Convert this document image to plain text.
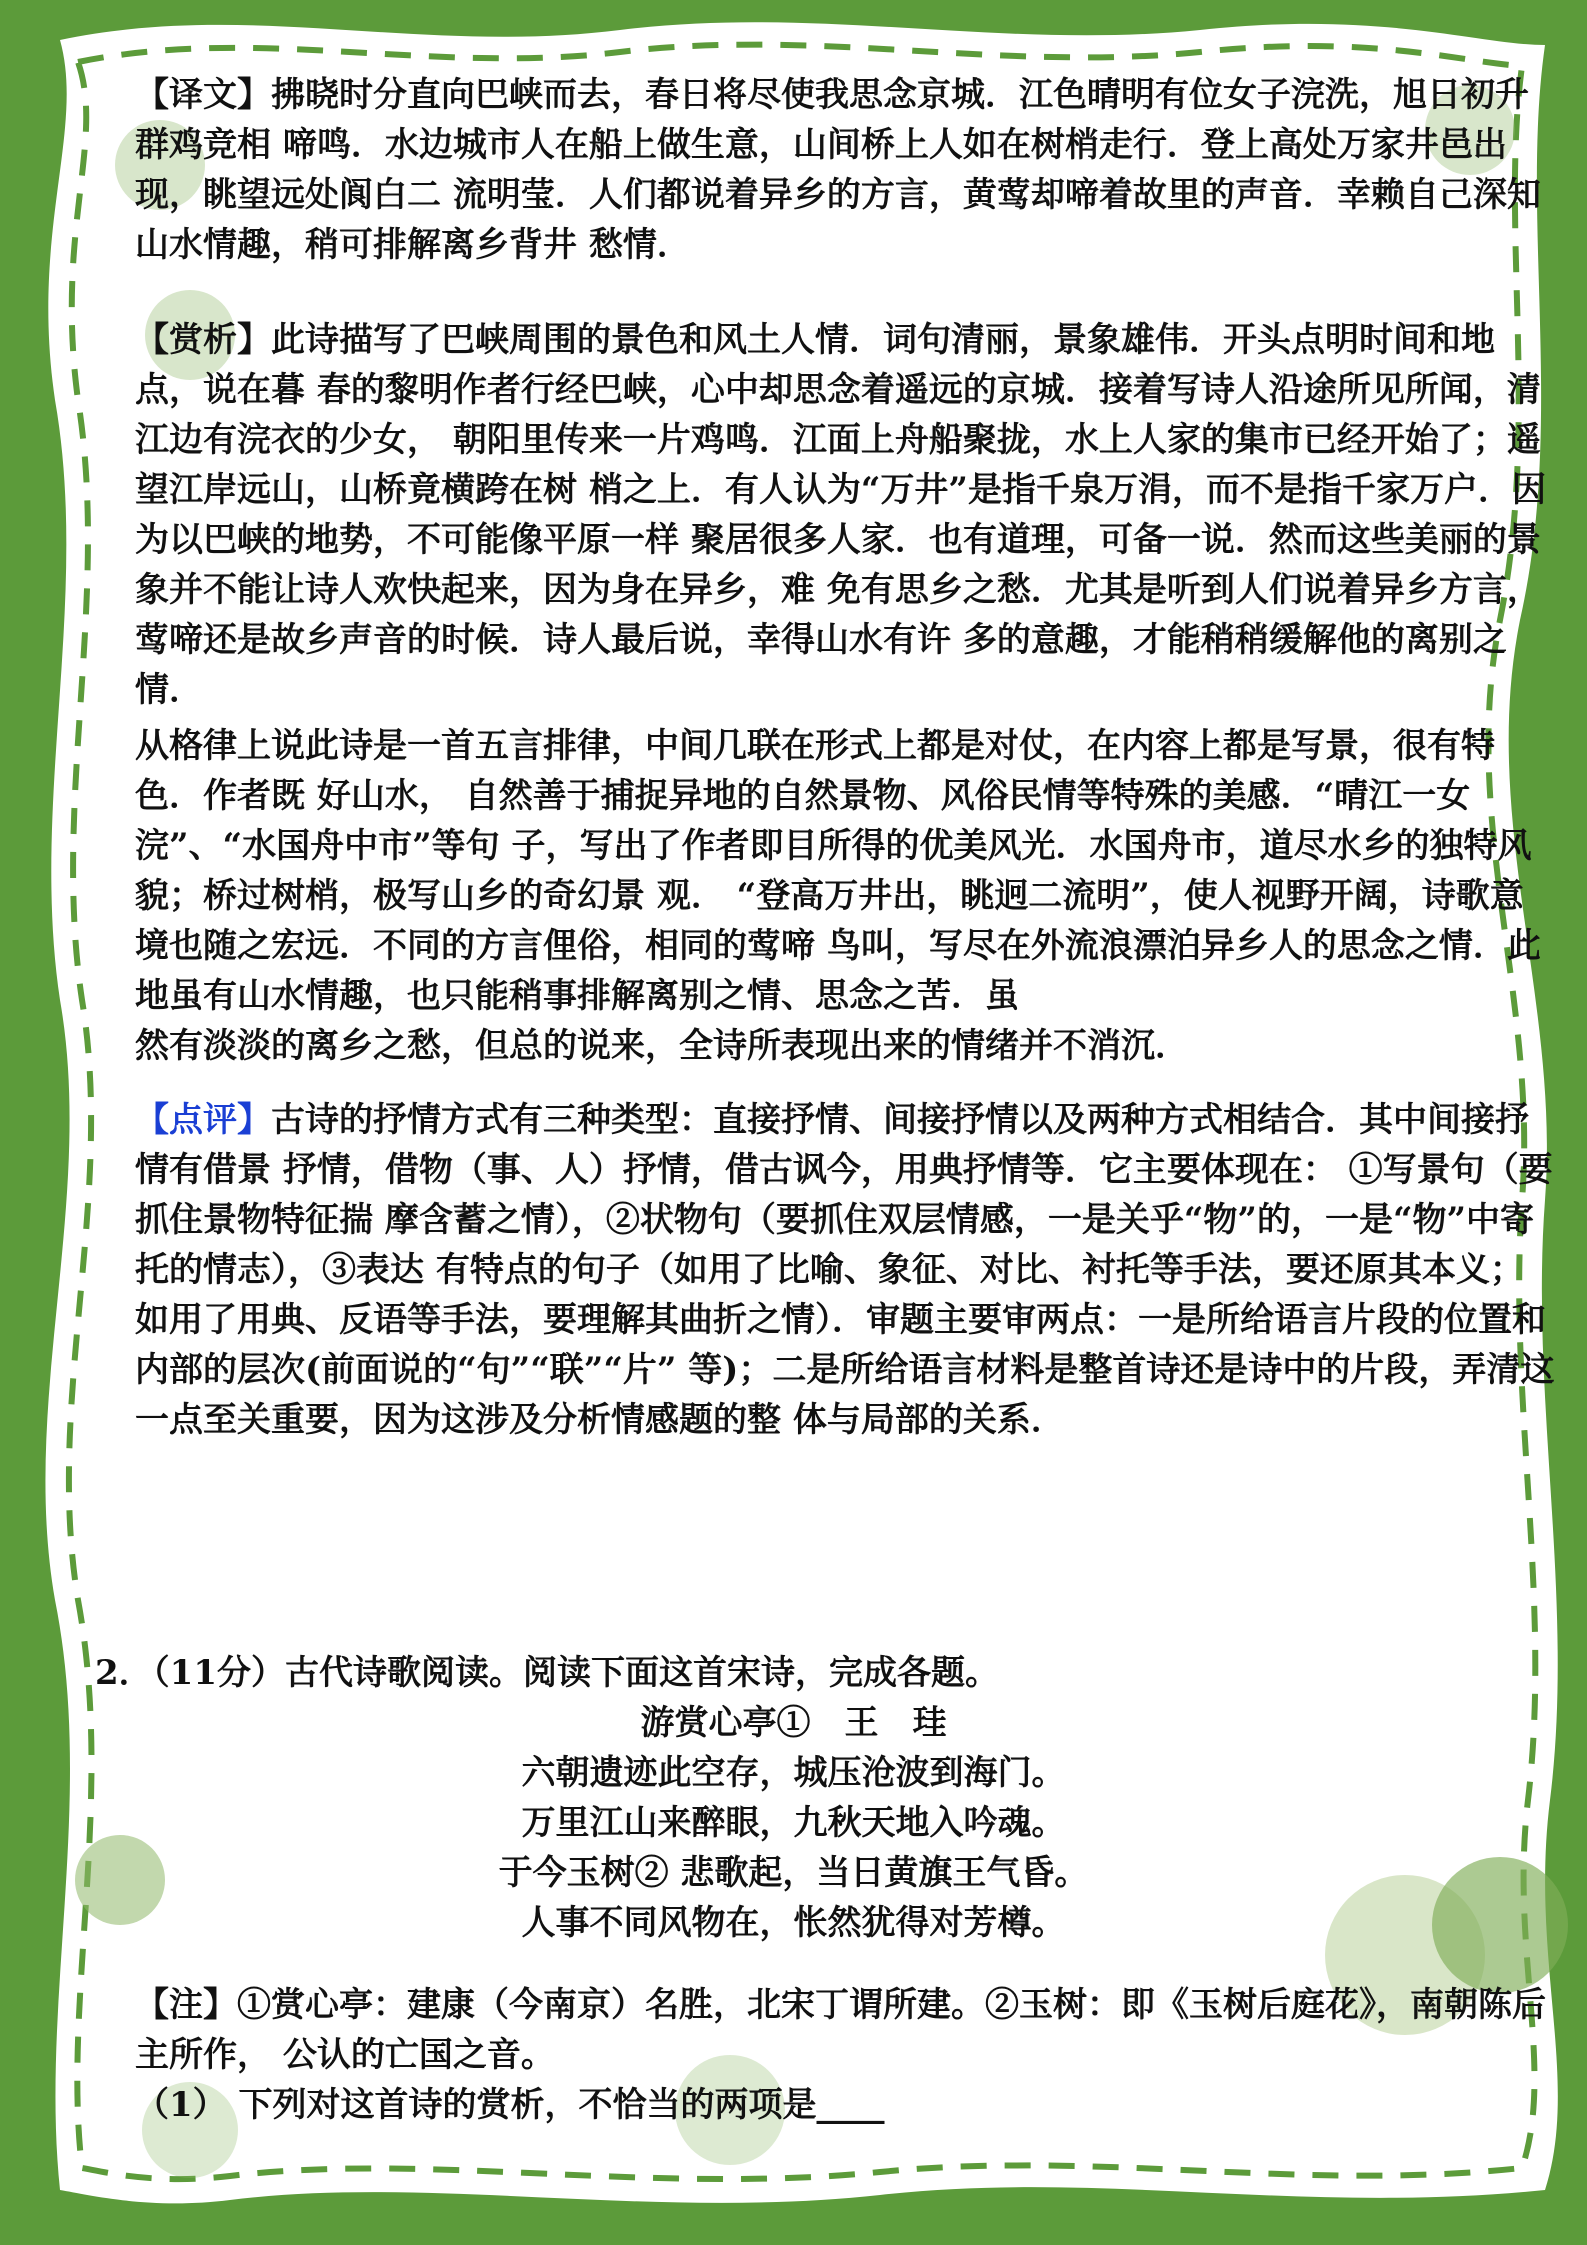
【译文】拂晓时分直向巴峡而去，春日将尽使我思念京城．江色晴明有位女子浣洗，旭日初升群鸡竞相 啼鸣．水边城市人在船上做生意，山间桥上人如在树梢走行．登上高处万家井邑出现，眺望远处阆白二 流明莹．人们都说着异乡的方言，黄莺却啼着故里的声音．幸赖自己深知山水情趣，稍可排解离乡背井 愁情．

【赏析】此诗描写了巴峡周围的景色和风土人情．词句清丽，景象雄伟．开头点明时间和地点，说在暮 春的黎明作者行经巴峡，心中却思念着遥远的京城．接着写诗人沿途所见所闻，清江边有浣衣的少女， 朝阳里传来一片鸡鸣．江面上舟船聚拢，水上人家的集市已经开始了；遥望江岸远山，山桥竟横跨在树 梢之上．有人认为“万井”是指千泉万涓，而不是指千家万户．因为以巴峡的地势，不可能像平原一样 聚居很多人家．也有道理，可备一说．然而这些美丽的景象并不能让诗人欢快起来，因为身在异乡，难 免有思乡之愁．尤其是听到人们说着异乡方言，莺啼还是故乡声音的时候．诗人最后说，幸得山水有许 多的意趣，才能稍稍缓解他的离别之情．

从格律上说此诗是一首五言排律，中间几联在形式上都是对仗，在内容上都是写景，很有特色．作者既 好山水， 自然善于捕捉异地的自然景物、风俗民情等特殊的美感．“晴江一女浣”、“水国舟中市”等句 子，写出了作者即目所得的优美风光．水国舟市，道尽水乡的独特风貌；桥过树梢，极写山乡的奇幻景 观． “登高万井出，眺迥二流明”，使人视野开阔，诗歌意境也随之宏远．不同的方言俚俗，相同的莺啼 鸟叫，写尽在外流浪漂泊异乡人的思念之情．此地虽有山水情趣，也只能稍事排解离别之情、思念之苦．虽

然有淡淡的离乡之愁，但总的说来，全诗所表现出来的情绪并不消沉．

【点评】古诗的抒情方式有三种类型：直接抒情、间接抒情以及两种方式相结合．其中间接抒情有借景 抒情，借物（事、人）抒情，借古讽今，用典抒情等．它主要体现在： ①写景句（要抓住景物特征揣 摩含蓄之情），②状物句（要抓住双层情感，一是关乎“物”的，一是“物”中寄托的情志），③表达 有特点的句子（如用了比喻、象征、对比、衬托等手法，要还原其本义；如用了用典、反语等手法，要理解其曲折之情）．审题主要审两点：一是所给语言片段的位置和内部的层次(前面说的“句”“联”“片” 等)；二是所给语言材料是整首诗还是诗中的片段，弄清这一点至关重要，因为这涉及分析情感题的整 体与局部的关系．

2．（11分）古代诗歌阅读。阅读下面这首宋诗，完成各题。
游赏心亭①　王　珪
六朝遗迹此空存，城压沧波到海门。
万里江山来醉眼，九秋天地入吟魂。
于今玉树② 悲歌起，当日黄旗王气昏。
人事不同风物在，怅然犹得对芳樽。

【注】①赏心亭：建康（今南京）名胜，北宋丁谓所建。②玉树：即《玉树后庭花》，南朝陈后主所作， 公认的亡国之音。

（1） 下列对这首诗的赏析，不恰当的两项是____
